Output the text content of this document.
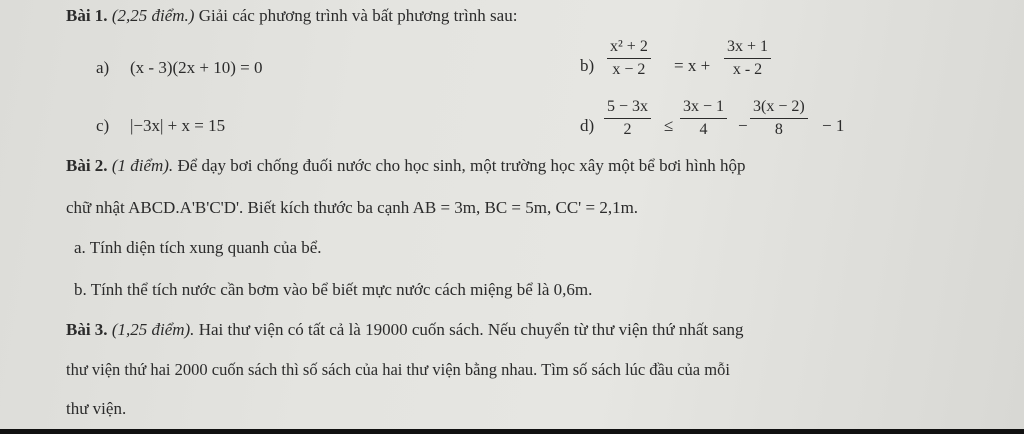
Bài 1. (2,25 điểm.) Giải các phương trình và bất phương trình sau:
a) (x - 3)(2x + 10) = 0	$b) \frac{\text{x² + 2}}{x - 2} = x + \frac{3x + 1}{x - 2}$
c) |−3x| + x = 15	$d) \frac{5 - 3x}{2} \le \frac{3x - 1}{4} - \frac{3(x - 2)}{8} - 1$
Bài 2. (1 điểm). Để dạy bơi chống đuối nước cho học sinh, một trường học xây một bể bơi hình hộp
chữ nhật ABCD.A'B'C'D'. Biết kích thước ba cạnh AB = 3m, BC = 5m, CC' = 2,1m.
a. Tính diện tích xung quanh của bể.
b. Tính thể tích nước cần bơm vào bể biết mực nước cách miệng bể là 0,6m.
Bài 3. (1,25 điểm). Hai thư viện có tất cả là 19000 cuốn sách. Nếu chuyển từ thư viện thứ nhất sang
thư viện thứ hai 2000 cuốn sách thì số sách của hai thư viện bằng nhau. Tìm số sách lúc đầu của mỗi
thư viện.
